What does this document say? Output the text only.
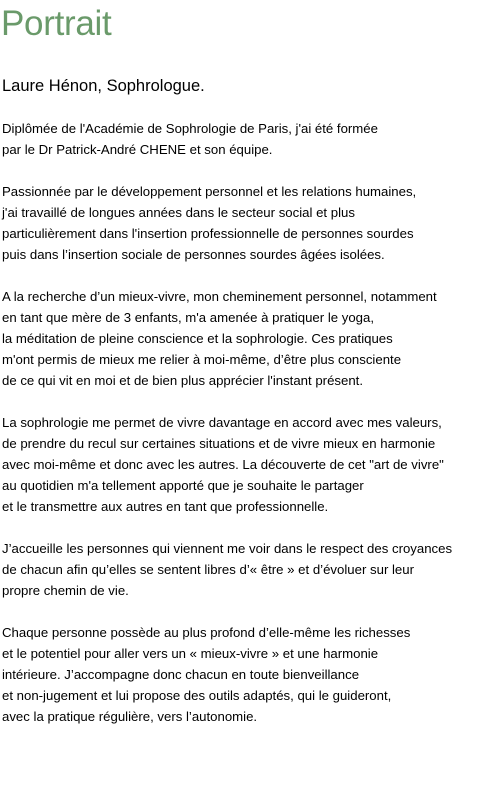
Portrait
Laure Hénon, Sophrologue.

Diplômée de l'Académie de Sophrologie de Paris, j'ai été formée
par le Dr Patrick-André CHENE et son équipe.

Passionnée par le développement personnel et les relations humaines,
j'ai travaillé de longues années dans le secteur social et plus
particulièrement dans l'insertion professionnelle de personnes sourdes
puis dans l’insertion sociale de personnes sourdes âgées isolées.

A la recherche d’un mieux-vivre, mon cheminement personnel, notamment
en tant que mère de 3 enfants, m'a amenée à pratiquer le yoga,
la méditation de pleine conscience et la sophrologie. Ces pratiques
m'ont permis de mieux me relier à moi-même, d’être plus consciente
de ce qui vit en moi et de bien plus apprécier l'instant présent.

La sophrologie me permet de vivre davantage en accord avec mes valeurs,
de prendre du recul sur certaines situations et de vivre mieux en harmonie
avec moi-même et donc avec les autres. La découverte de cet "art de vivre"
au quotidien m'a tellement apporté que je souhaite le partager
et le transmettre aux autres en tant que professionnelle.

J’accueille les personnes qui viennent me voir dans le respect des croyances
de chacun afin qu’elles se sentent libres d’« être » et d’évoluer sur leur
propre chemin de vie.

Chaque personne possède au plus profond d’elle-même les richesses
et le potentiel pour aller vers un « mieux-vivre » et une harmonie
intérieure. J’accompagne donc chacun en toute bienveillance
et non-jugement et lui propose des outils adaptés, qui le guideront,
avec la pratique régulière, vers l’autonomie.
